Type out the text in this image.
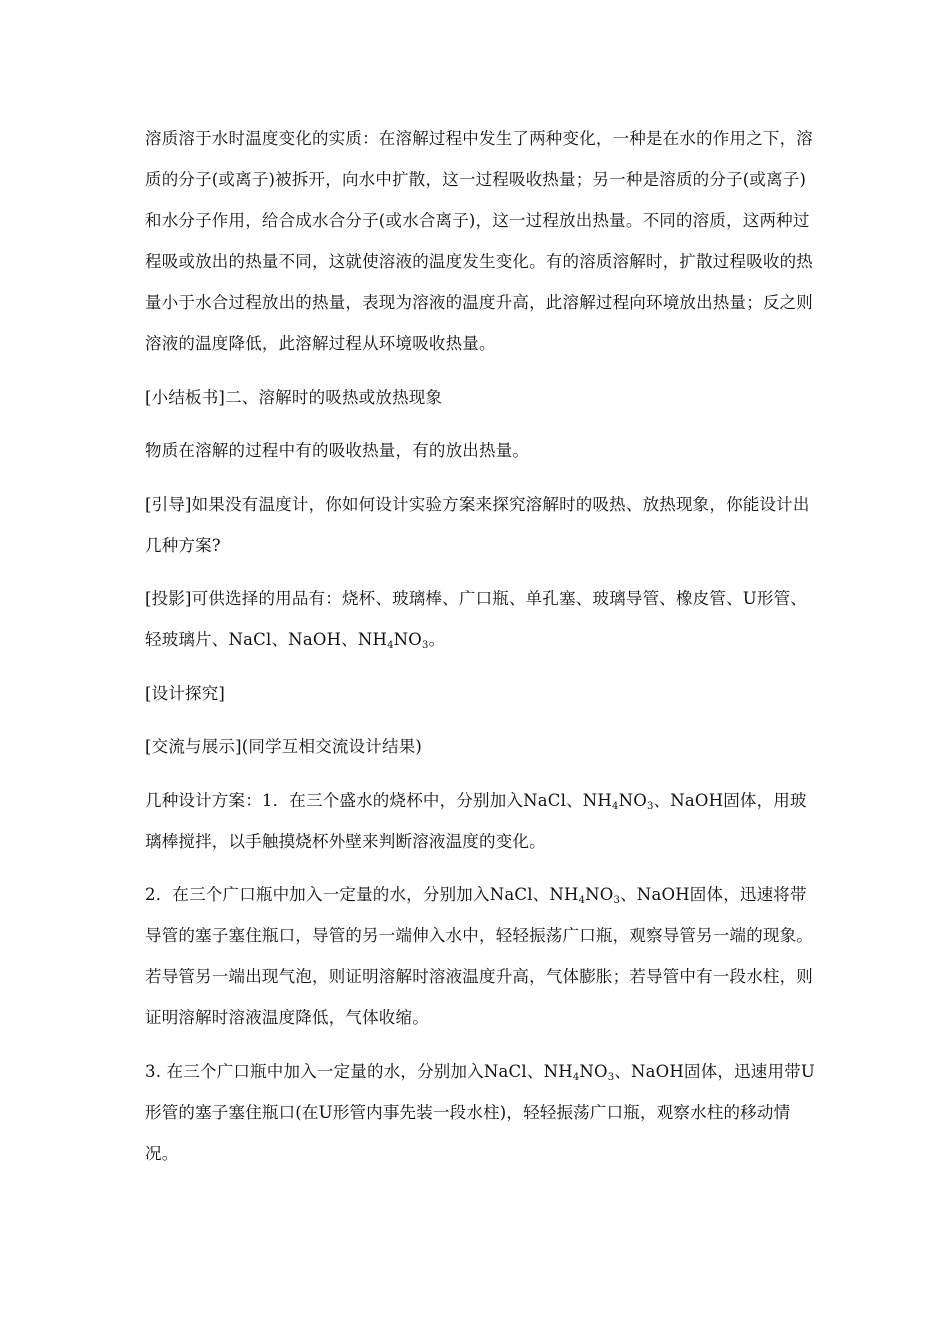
溶质溶于水时温度变化的实质：在溶解过程中发生了两种变化，一种是在水的作用之下，溶质的分子(或离子)被拆开，向水中扩散，这一过程吸收热量；另一种是溶质的分子(或离子)和水分子作用，给合成水合分子(或水合离子)，这一过程放出热量。不同的溶质，这两种过程吸或放出的热量不同，这就使溶液的温度发生变化。有的溶质溶解时，扩散过程吸收的热量小于水合过程放出的热量，表现为溶液的温度升高，此溶解过程向环境放出热量；反之则溶液的温度降低，此溶解过程从环境吸收热量。

[小结板书]二、溶解时的吸热或放热现象

物质在溶解的过程中有的吸收热量，有的放出热量。

[引导]如果没有温度计，你如何设计实验方案来探究溶解时的吸热、放热现象，你能设计出几种方案?

[投影]可供选择的用品有：烧杯、玻璃棒、广口瓶、单孔塞、玻璃导管、橡皮管、U形管、轻玻璃片、NaCl、NaOH、$NH_4NO_3$。

[设计探究]

[交流与展示](同学互相交流设计结果)

几种设计方案：1．在三个盛水的烧杯中，分别加入NaCl、$NH_4NO_3$、NaOH固体，用玻璃棒搅拌，以手触摸烧杯外壁来判断溶液温度的变化。

2．在三个广口瓶中加入一定量的水，分别加入NaCl、$NH_4NO_3$、NaOH固体，迅速将带导管的塞子塞住瓶口，导管的另一端伸入水中，轻轻振荡广口瓶，观察导管另一端的现象。若导管另一端出现气泡，则证明溶解时溶液温度升高，气体膨胀；若导管中有一段水柱，则证明溶解时溶液温度降低，气体收缩。

3. 在三个广口瓶中加入一定量的水，分别加入NaCl、$NH_4NO_3$、NaOH固体，迅速用带U形管的塞子塞住瓶口(在U形管内事先装一段水柱)，轻轻振荡广口瓶，观察水柱的移动情况。
